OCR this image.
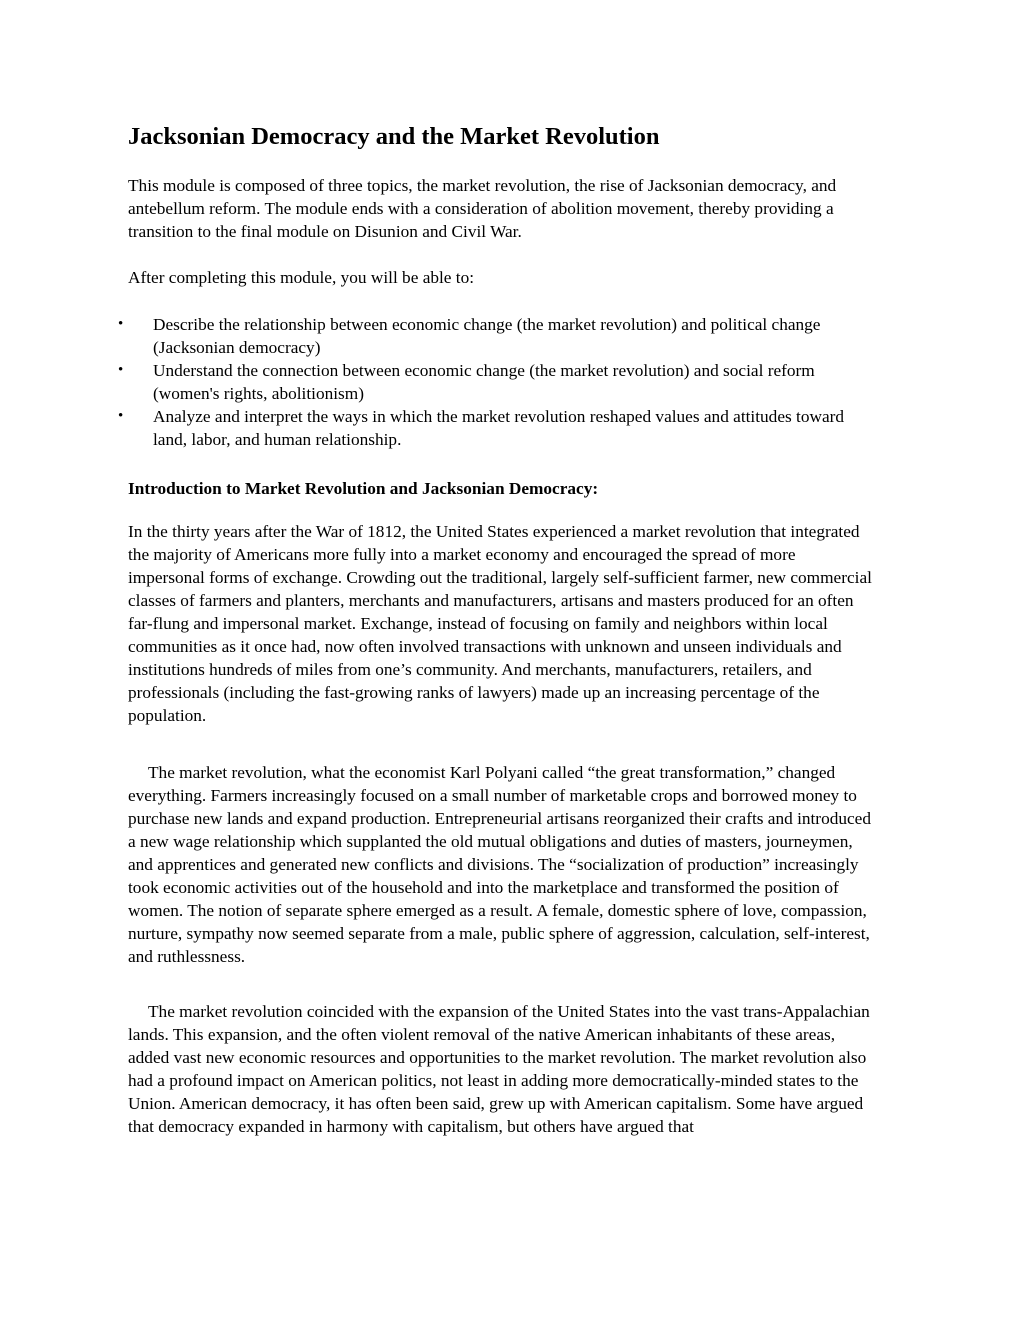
Jacksonian Democracy and the Market Revolution

This module is composed of three topics, the market revolution, the rise of Jacksonian democracy, and antebellum reform. The module ends with a consideration of abolition movement, thereby providing a transition to the final module on Disunion and Civil War.

After completing this module, you will be able to:

• Describe the relationship between economic change (the market revolution) and political change (Jacksonian democracy)
• Understand the connection between economic change (the market revolution) and social reform (women's rights, abolitionism)
• Analyze and interpret the ways in which the market revolution reshaped values and attitudes toward land, labor, and human relationship.
Introduction to Market Revolution and Jacksonian Democracy:

In the thirty years after the War of 1812, the United States experienced a market revolution that integrated the majority of Americans more fully into a market economy and encouraged the spread of more impersonal forms of exchange. Crowding out the traditional, largely self-sufficient farmer, new commercial classes of farmers and planters, merchants and manufacturers, artisans and masters produced for an often far-flung and impersonal market. Exchange, instead of focusing on family and neighbors within local communities as it once had, now often involved transactions with unknown and unseen individuals and institutions hundreds of miles from one’s community. And merchants, manufacturers, retailers, and professionals (including the fast-growing ranks of lawyers) made up an increasing percentage of the population.

The market revolution, what the economist Karl Polyani called “the great transformation,” changed everything. Farmers increasingly focused on a small number of marketable crops and borrowed money to purchase new lands and expand production. Entrepreneurial artisans reorganized their crafts and introduced a new wage relationship which supplanted the old mutual obligations and duties of masters, journeymen, and apprentices and generated new conflicts and divisions. The “socialization of production” increasingly took economic activities out of the household and into the marketplace and transformed the position of women. The notion of separate sphere emerged as a result. A female, domestic sphere of love, compassion, nurture, sympathy now seemed separate from a male, public sphere of aggression, calculation, self-interest, and ruthlessness.

The market revolution coincided with the expansion of the United States into the vast trans-Appalachian lands. This expansion, and the often violent removal of the native American inhabitants of these areas, added vast new economic resources and opportunities to the market revolution. The market revolution also had a profound impact on American politics, not least in adding more democratically-minded states to the Union. American democracy, it has often been said, grew up with American capitalism. Some have argued that democracy expanded in harmony with capitalism, but others have argued that
